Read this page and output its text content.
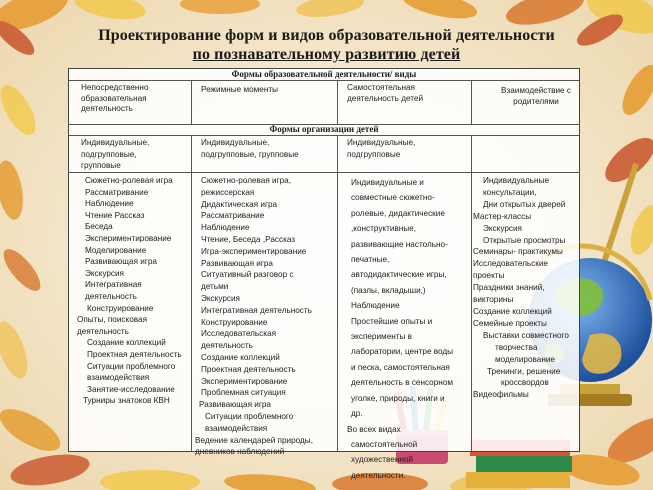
Проектирование форм и видов образовательной деятельности
по познавательному развитию детей
Формы образовательной деятельности/ виды
Непосредственно
образовательная
деятельность
Режимные моменты	Самостоятельная
деятельность детей
Взаимодействие с
родителями
Формы организации детей
Индивидуальные,
подгрупповые,
групповые
Индивидуальные,
подгрупповые, групповые
Индивидуальные,
подгрупповые
Сюжетно-ролевая игра
Рассматривание
Наблюдение
Чтение Рассказ
Беседа
Экспериментирование
Моделирование
Развивающая игра
Экскурсия
Интегративная
деятельность
Конструирование
Опыты, поисковая
деятельность
Создание коллекций
Проектная деятельность
Ситуации проблемного
взаимодействия
Занятие-исследование
Турниры знатоков КВН
Сюжетно-ролевая игра,
режиссерская
Дидактическая игра
Рассматривание
Наблюдение
Чтение, Беседа ,Рассказ
Игра-экспериментирование
Развивающая игра
Ситуативный разговор с
детьми
Экскурсия
Интегративная деятельность
Конструирование
Исследовательская
деятельность
Создание коллекций
Проектная деятельность
Экспериментирование
Проблемная ситуация
Развивающая игра
Ситуации проблемного
взаимодействия
Ведение календарей природы,
дневников наблюдений
Индивидуальные и
совместные сюжетно-
ролевые, дидактические
,конструктивные,
развивающие настольно-
печатные,
автодидактические игры,
(пазлы, вкладыши,)
Наблюдение
Простейшие опыты и
эксперименты в
лаборатории, центре воды
и песка, самостоятельная
деятельность в сенсорном
уголке, природы, книги и
др.
Во всех видах
самостоятельной
художественной
деятельности.
Индивидуальные
консультации,
Дни открытых дверей
Мастер-классы
Экскурсия
Открытые просмотры
Семинары- практикумы
Исследовательские
проекты
Праздники знаний,
викторины
Создание коллекций
Семейные проекты
Выставки совместного
творчества
моделирование
Тренинги, решение
кроссвордов
Видеофильмы
